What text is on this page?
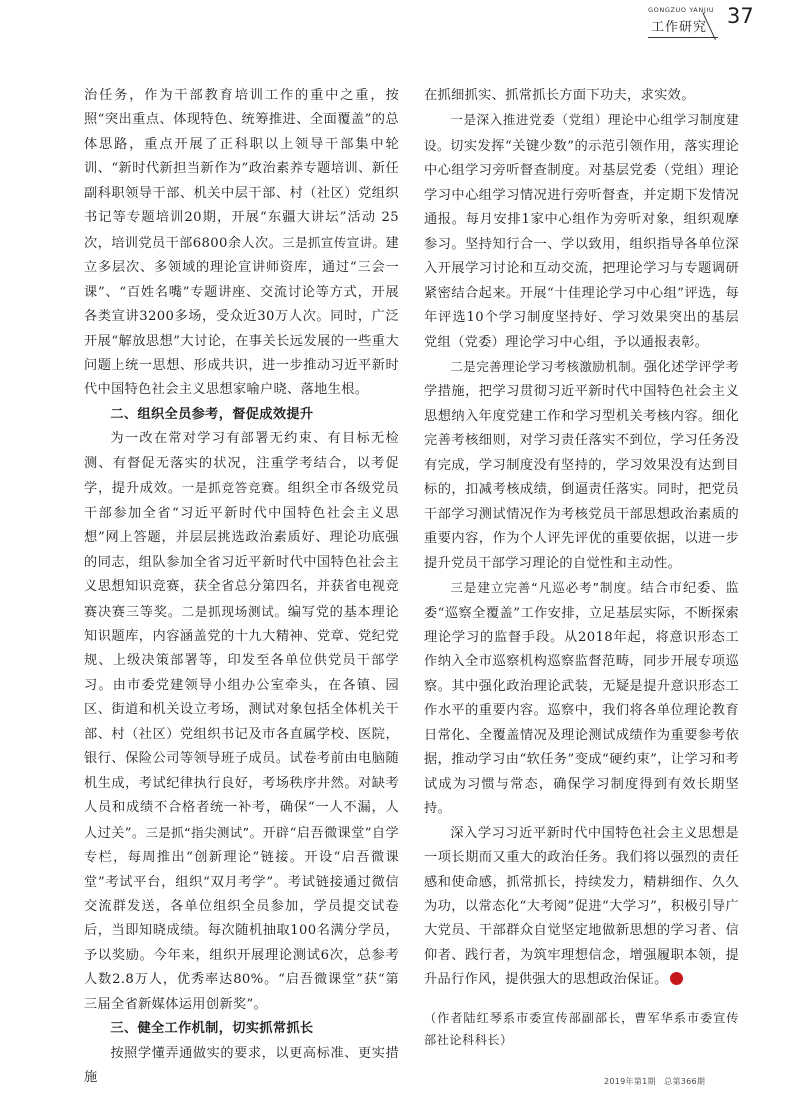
GONGZUO YANJIU
工作研究 37

治任务，作为干部教育培训工作的重中之重，按照“突出重点、体现特色、统筹推进、全面覆盖”的总体思路，重点开展了正科职以上领导干部集中轮训、“新时代新担当新作为”政治素养专题培训、新任副科职领导干部、机关中层干部、村（社区）党组织书记等专题培训20期，开展“东疆大讲坛”活动 25次，培训党员干部6800余人次。三是抓宣传宣讲。建立多层次、多领域的理论宣讲师资库，通过“三会一课”、“百姓名嘴”专题讲座、交流讨论等方式，开展各类宣讲3200多场，受众近30万人次。同时，广泛开展“解放思想”大讨论，在事关长远发展的一些重大问题上统一思想、形成共识，进一步推动习近平新时代中国特色社会主义思想家喻户晓、落地生根。

二、组织全员参考，督促成效提升

为一改在常对学习有部署无约束、有目标无检测、有督促无落实的状况，注重学考结合，以考促学，提升成效。一是抓竞答竞赛。组织全市各级党员干部参加全省“习近平新时代中国特色社会主义思想”网上答题，并层层挑选政治素质好、理论功底强的同志，组队参加全省习近平新时代中国特色社会主义思想知识竞赛，获全省总分第四名，并获省电视竞赛决赛三等奖。二是抓现场测试。编写党的基本理论知识题库，内容涵盖党的十九大精神、党章、党纪党规、上级决策部署等，印发至各单位供党员干部学习。由市委党建领导小组办公室牵头，在各镇、园区、街道和机关设立考场，测试对象包括全体机关干部、村（社区）党组织书记及市各直属学校、医院，银行、保险公司等领导班子成员。试卷考前由电脑随机生成，考试纪律执行良好，考场秩序井然。对缺考人员和成绩不合格者统一补考，确保“一人不漏，人人过关”。三是抓“指尖测试”。开辟“启吾微课堂”自学专栏，每周推出“创新理论”链接。开设“启吾微课堂”考试平台，组织“双月考学”。考试链接通过微信交流群发送，各单位组织全员参加，学员提交试卷后，当即知晓成绩。每次随机抽取100名满分学员，予以奖励。今年来，组织开展理论测试6次，总参考人数2.8万人，优秀率达80%。“启吾微课堂”获“第三届全省新媒体运用创新奖”。

三、健全工作机制，切实抓常抓长

按照学懂弄通做实的要求，以更高标准、更实措施

在抓细抓实、抓常抓长方面下功夫，求实效。

一是深入推进党委（党组）理论中心组学习制度建设。切实发挥“关键少数”的示范引领作用，落实理论中心组学习旁听督查制度。对基层党委（党组）理论学习中心组学习情况进行旁听督查，并定期下发情况通报。每月安排1家中心组作为旁听对象，组织观摩参习。坚持知行合一、学以致用，组织指导各单位深入开展学习讨论和互动交流，把理论学习与专题调研紧密结合起来。开展“十佳理论学习中心组”评选，每年评选10个学习制度坚持好、学习效果突出的基层党组（党委）理论学习中心组，予以通报表彰。

二是完善理论学习考核激励机制。强化述学评学考学措施，把学习贯彻习近平新时代中国特色社会主义思想纳入年度党建工作和学习型机关考核内容。细化完善考核细则，对学习责任落实不到位，学习任务没有完成，学习制度没有坚持的，学习效果没有达到目标的，扣减考核成绩，倒逼责任落实。同时，把党员干部学习测试情况作为考核党员干部思想政治素质的重要内容，作为个人评先评优的重要依据，以进一步提升党员干部学习理论的自觉性和主动性。

三是建立完善“凡巡必考”制度。结合市纪委、监委“巡察全覆盖”工作安排，立足基层实际，不断探索理论学习的监督手段。从2018年起，将意识形态工作纳入全市巡察机构巡察监督范畴，同步开展专项巡察。其中强化政治理论武装，无疑是提升意识形态工作水平的重要内容。巡察中，我们将各单位理论教育日常化、全覆盖情况及理论测试成绩作为重要参考依据，推动学习由“软任务”变成“硬约束”，让学习和考试成为习惯与常态，确保学习制度得到有效长期坚持。

深入学习习近平新时代中国特色社会主义思想是一项长期而又重大的政治任务。我们将以强烈的责任感和使命感，抓常抓长，持续发力，精耕细作、久久为功，以常态化“大考阅”促进“大学习”，积极引导广大党员、干部群众自觉坚定地做新思想的学习者、信仰者、践行者，为筑牢理想信念，增强履职本领，提升品行作风，提供强大的思想政治保证。

（作者陆红琴系市委宣传部副部长，曹军华系市委宣传部社论科科长）

2019年第1期　总第366期
